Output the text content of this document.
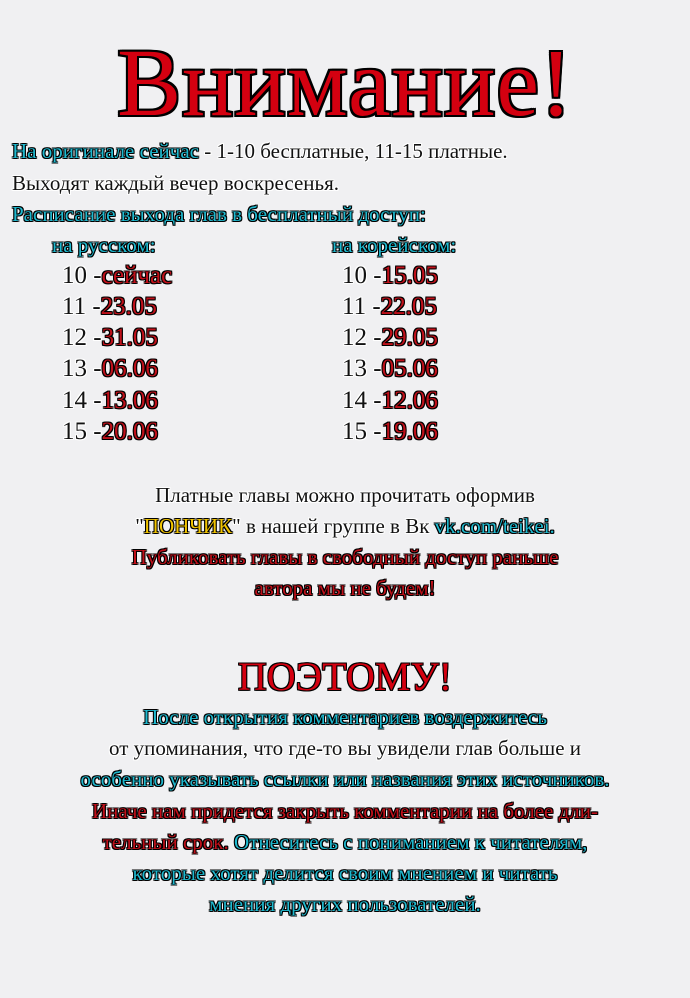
Внимание!
На оригинале сейчас - 1-10 бесплатные, 11-15 платные.
Выходят каждый вечер воскресенья.
Расписание выхода глав в бесплатный доступ:
на русском:	на корейском:
10 -сейчас
11 -23.05
12 -31.05
13 -06.06
14 -13.06
15 -20.06
10 -15.05
11 -22.05
12 -29.05
13 -05.06
14 -12.06
15 -19.06
Платные главы можно прочитать оформив
"ПОНЧИК" в нашей группе в Вк vk.com/teikei.
Публиковать главы в свободный доступ раньше
автора мы не будем!
ПОЭТОМУ!
После открытия комментариев воздержитесь
от упоминания, что где-то вы увидели глав больше и
особенно указывать ссылки или названия этих источников.
Иначе нам придется закрыть комментарии на более дли-
тельный срок. Отнеситесь с пониманием к читателям,
которые хотят делится своим мнением и читать
мнения других пользователей.
